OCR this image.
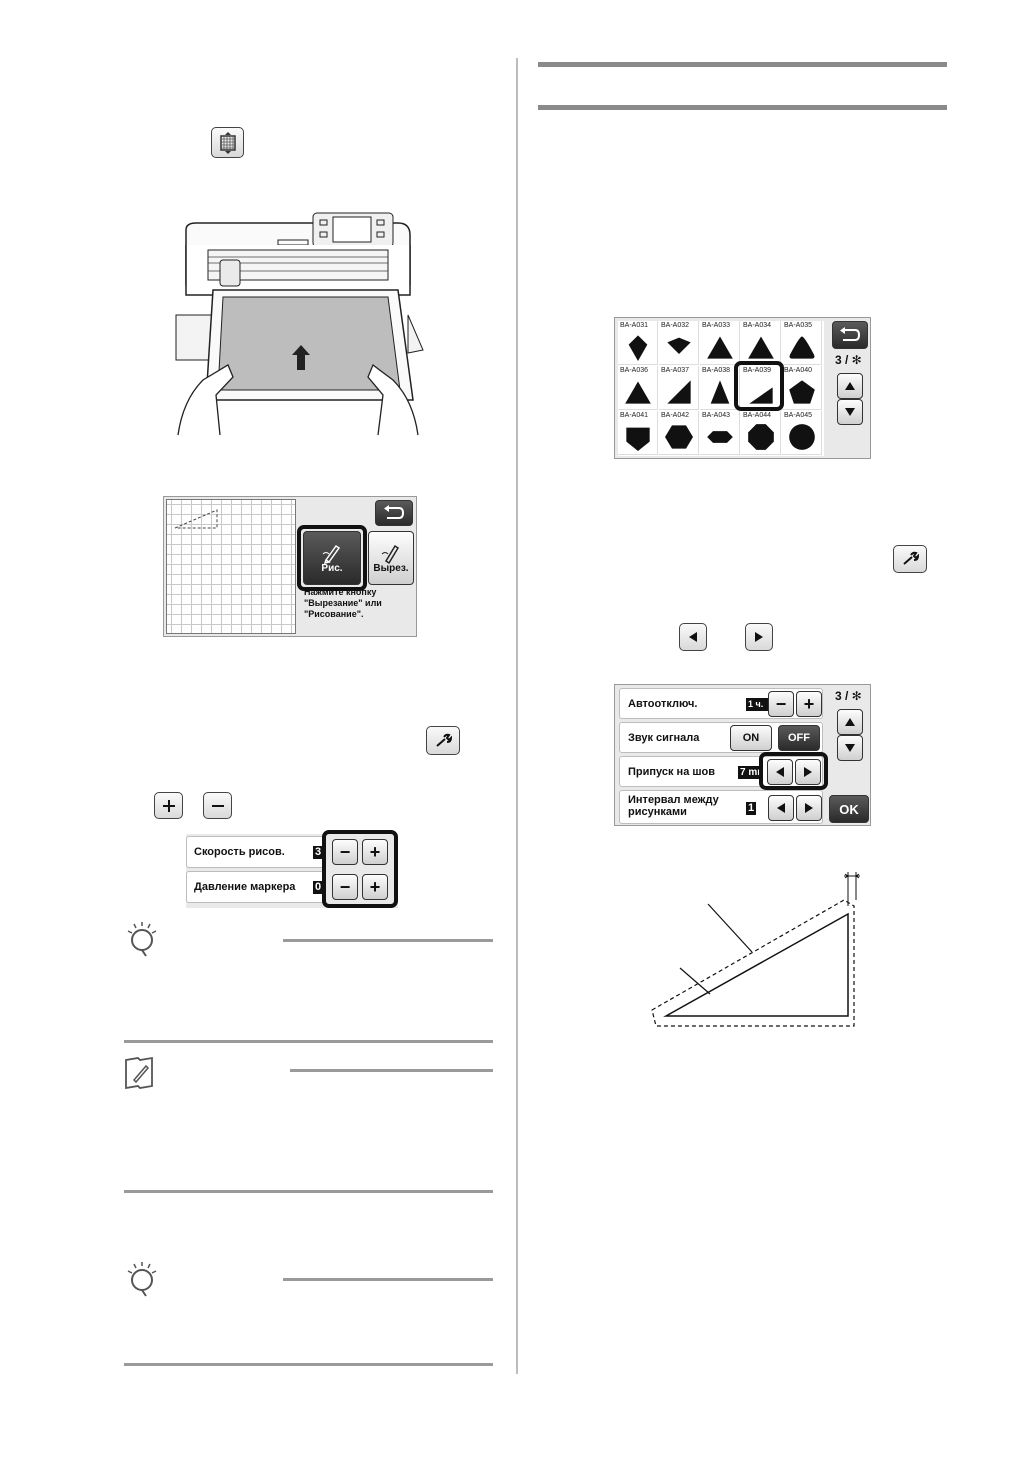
Рис.	Вырез.
Нажмите кнопку "Вырезание" или "Рисование".
Скорость рисов.	3
Давление маркера 0
−	+
−	+
BA-A031 BA-A032 BA-A033 BA-A034 BA-A035
BA-A036 BA-A037 BA-A038 BA-A039 BA-A040
BA-A041 BA-A042 BA-A043 BA-A044 BA-A045
3 / ✻
Автоотключ.	1 ч. − +
Звук сигнала	ON	OFF
Припуск на шов 7 mm
Интервал между рисунками	1
3 / ✻
OK
